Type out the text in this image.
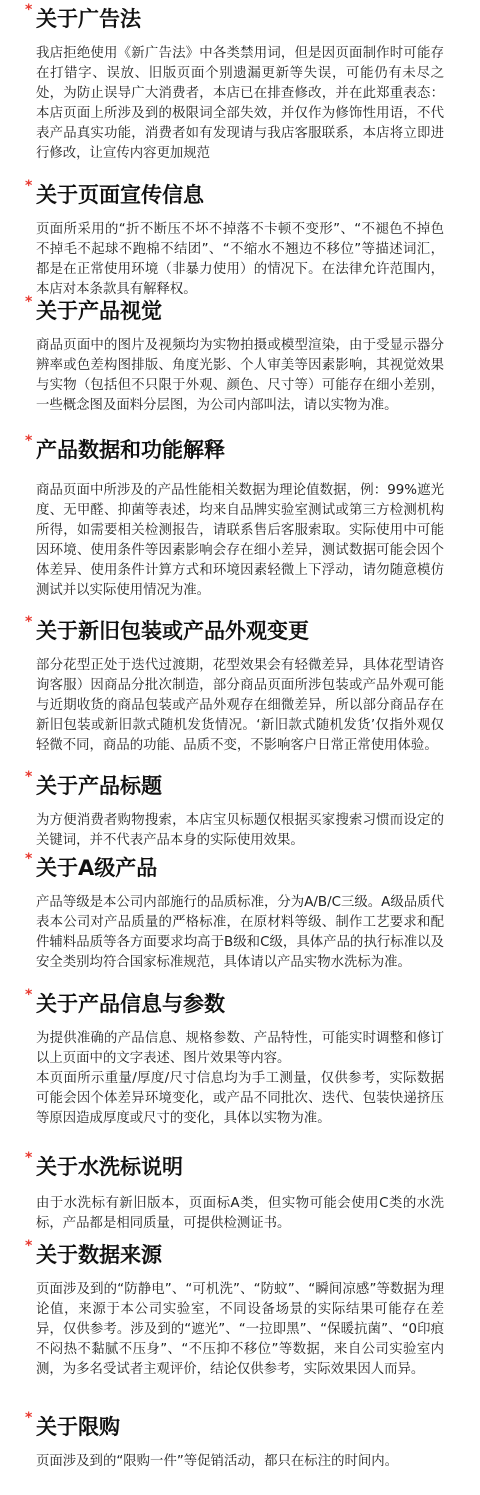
* 关于广告法

我店拒绝使用《新广告法》中各类禁用词，但是因页面制作时可能存在打错字、误放、旧版页面个别遗漏更新等失误，可能仍有未尽之处，为防止误导广大消费者，本店已在排查修改，并在此郑重表态：本店页面上所涉及到的极限词全部失效，并仅作为修饰性用语，不代表产品真实功能，消费者如有发现请与我店客服联系，本店将立即进行修改，让宣传内容更加规范

* 关于页面宣传信息

页面所采用的“折不断压不坏不掉落不卡顿不变形”、“不褪色不掉色不掉毛不起球不跑棉不结团”、“不缩水不翘边不移位”等描述词汇，都是在正常使用环境（非暴力使用）的情况下。在法律允许范围内，本店对本条款具有解释权。

* 关于产品视觉

商品页面中的图片及视频均为实物拍摄或模型渲染，由于受显示器分辨率或色差构图排版、角度光影、个人审美等因素影响，其视觉效果与实物（包括但不只限于外观、颜色、尺寸等）可能存在细小差别，一些概念图及面料分层图，为公司内部叫法，请以实物为准。

* 产品数据和功能解释

商品页面中所涉及的产品性能相关数据为理论值数据，例：99%遮光度、无甲醛、抑菌等表述，均来自品牌实验室测试或第三方检测机构所得，如需要相关检测报告，请联系售后客服索取。实际使用中可能因环境、使用条件等因素影响会存在细小差异，测试数据可能会因个体差异、使用条件计算方式和环境因素轻微上下浮动，请勿随意模仿测试并以实际使用情况为准。

* 关于新旧包装或产品外观变更

部分花型正处于迭代过渡期，花型效果会有轻微差异，具体花型请咨询客服）因商品分批次制造，部分商品页面所涉包装或产品外观可能与近期收货的商品包装或产品外观存在细微差异，所以部分商品存在新旧包装或新旧款式随机发货情况。‘新旧款式随机发货’仅指外观仅轻微不同，商品的功能、品质不变，不影响客户日常正常使用体验。

* 关于产品标题

为方便消费者购物搜索，本店宝贝标题仅根据买家搜索习惯而设定的关键词，并不代表产品本身的实际使用效果。

* 关于A级产品

产品等级是本公司内部施行的品质标准，分为A/B/C三级。A级品质代表本公司对产品质量的严格标准，在原材料等级、制作工艺要求和配件辅料品质等各方面要求均高于B级和C级，具体产品的执行标准以及安全类别均符合国家标准规范，具体请以产品实物水洗标为准。

* 关于产品信息与参数

为提供准确的产品信息、规格参数、产品特性，可能实时调整和修订以上页面中的文字表述、图片效果等内容。

本页面所示重量/厚度/尺寸信息均为手工测量，仅供参考，实际数据可能会因个体差异环境变化，或产品不同批次、迭代、包装快递挤压等原因造成厚度或尺寸的变化，具体以实物为准。

* 关于水洗标说明

由于水洗标有新旧版本，页面标A类，但实物可能会使用C类的水洗标，产品都是相同质量，可提供检测证书。

* 关于数据来源

页面涉及到的“防静电”、“可机洗”、“防蚊”、“瞬间凉感”等数据为理论值，来源于本公司实验室，不同设备场景的实际结果可能存在差异，仅供参考。涉及到的“遮光”、“一拉即黑”、“保暖抗菌”、“0印痕不闷热不黏腻不压身”、“不压抑不移位”等数据，来自公司实验室内测，为多名受试者主观评价，结论仅供参考，实际效果因人而异。

* 关于限购

页面涉及到的“限购一件”等促销活动，都只在标注的时间内。
